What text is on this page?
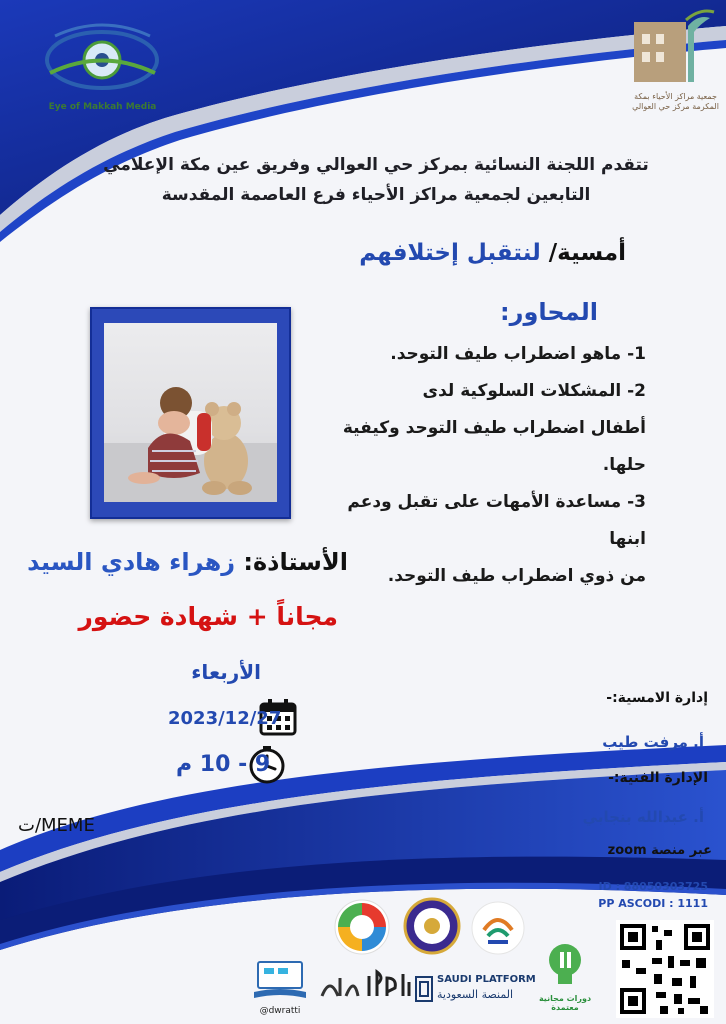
Eye of Makkah Media
جمعية مراكز الأحياء بمكة المكرمة مركز حي العوالي
تتقدم اللجنة النسائية بمركز حي العوالي وفريق عين مكة الإعلامي
التابعين لجمعية مراكز الأحياء فرع العاصمة المقدسة
أمسية/ لنتقبل إختلافهم
المحاور:
1- ماهو اضطراب طيف التوحد.
2- المشكلات السلوكية لدى
أطفال اضطراب طيف التوحد وكيفية حلها.
3- مساعدة الأمهات على تقبل ودعم ابنها
من ذوي اضطراب طيف التوحد.
الأستاذة: زهراء هادي السيد
مجاناً + شهادة حضور
الأربعاء
2023/12/27
9 - 10 م
ت/MEME
إدارة الامسية:-
أ. مرفت طيب
الإدارة الفنية:-
أ. عبدالله بنجابي
عبر منصة zoom
ID : 88050303725
PP ASCODI : 1111
دورات مجانية معتمدة
SAUDI PLATFORM
المنصة السعودية
@dwratti
